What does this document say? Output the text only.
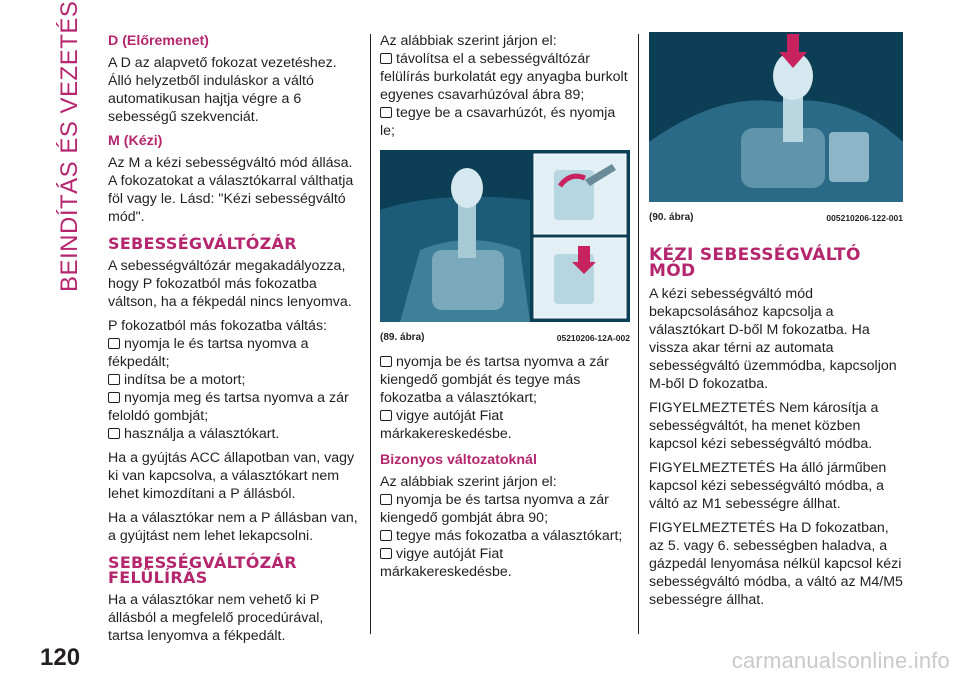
BEINDÍTÁS ÉS VEZETÉS D (Előremenet)

A D az alapvető fokozat vezetéshez. Álló helyzetből induláskor a váltó automatikusan hajtja végre a 6 sebességű szekvenciát.

M (Kézi)

Az M a kézi sebességváltó mód állása. A fokozatokat a választókarral válthatja föl vagy le. Lásd: "Kézi sebességváltó mód".

SEBESSÉGVÁLTÓZÁR

A sebességváltózár megakadályozza, hogy P fokozatból más fokozatba váltson, ha a fékpedál nincs lenyomva.

P fokozatból más fokozatba váltás:
nyomja le és tartsa nyomva a fékpedált;
indítsa be a motort;
nyomja meg és tartsa nyomva a zár feloldó gombját;
használja a választókart.

Ha a gyújtás ACC állapotban van, vagy ki van kapcsolva, a választókart nem lehet kimozdítani a P állásból.

Ha a választókar nem a P állásban van, a gyújtást nem lehet lekapcsolni.

SEBESSÉGVÁLTÓZÁR
FELÜLÍRÁS

Ha a választókar nem vehető ki P állásból a megfelelő procedúrával, tartsa lenyomva a fékpedált.

Az alábbiak szerint járjon el:
távolítsa el a sebességváltózár felülírás burkolatát egy anyagba burkolt egyenes csavarhúzóval ábra 89;
tegye be a csavarhúzót, és nyomja le;
(89. ábra)	05210206-12A-002
nyomja be és tartsa nyomva a zár kiengedő gombját és tegye más fokozatba a választókart;
vigye autóját Fiat márkakereskedésbe.
Bizonyos változatoknál
Az alábbiak szerint járjon el:
nyomja be és tartsa nyomva a zár kiengedő gombját ábra 90;
tegye más fokozatba a választókart;
vigye autóját Fiat márkakereskedésbe.
(90. ábra)	005210206-122-001
KÉZI SEBESSÉGVÁLTÓ
MÓD

A kézi sebességváltó mód bekapcsolásához kapcsolja a választókart D-ből M fokozatba. Ha vissza akar térni az automata sebességváltó üzemmódba, kapcsoljon M-ből D fokozatba.

FIGYELMEZTETÉS Nem károsítja a sebességváltót, ha menet közben kapcsol kézi sebességváltó módba.

FIGYELMEZTETÉS Ha álló járműben kapcsol kézi sebességváltó módba, a váltó az M1 sebességre állhat.

FIGYELMEZTETÉS Ha D fokozatban, az 5. vagy 6. sebességben haladva, a gázpedál lenyomása nélkül kapcsol kézi sebességváltó módba, a váltó az M4/M5 sebességre állhat.

120	carmanualsonline.info
